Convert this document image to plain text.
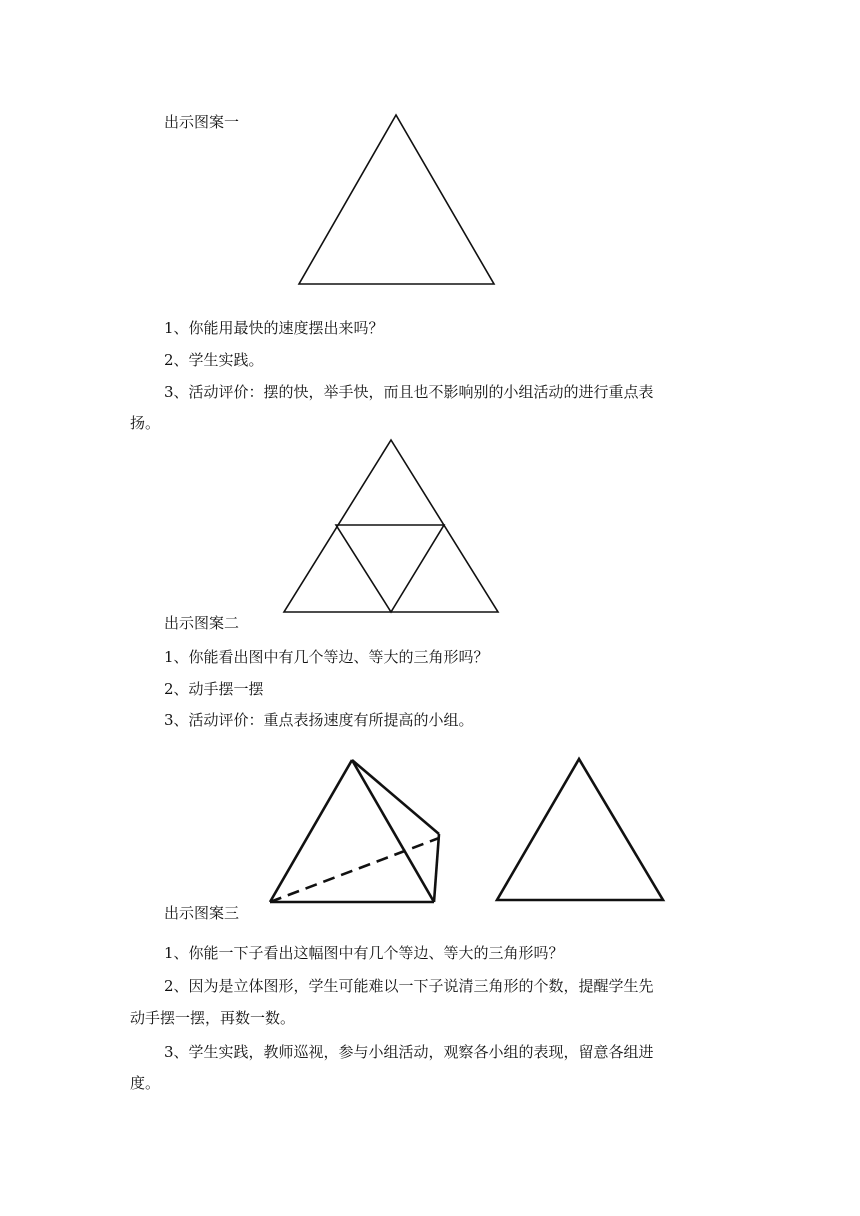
出示图案一

1、你能用最快的速度摆出来吗？

2、学生实践。

3、活动评价：摆的快，举手快，而且也不影响别的小组活动的进行重点表

扬。

出示图案二

1、你能看出图中有几个等边、等大的三角形吗？

2、动手摆一摆

3、活动评价：重点表扬速度有所提高的小组。

出示图案三

1、你能一下子看出这幅图中有几个等边、等大的三角形吗？

2、因为是立体图形，学生可能难以一下子说清三角形的个数，提醒学生先

动手摆一摆，再数一数。

3、学生实践，教师巡视，参与小组活动，观察各小组的表现，留意各组进

度。
